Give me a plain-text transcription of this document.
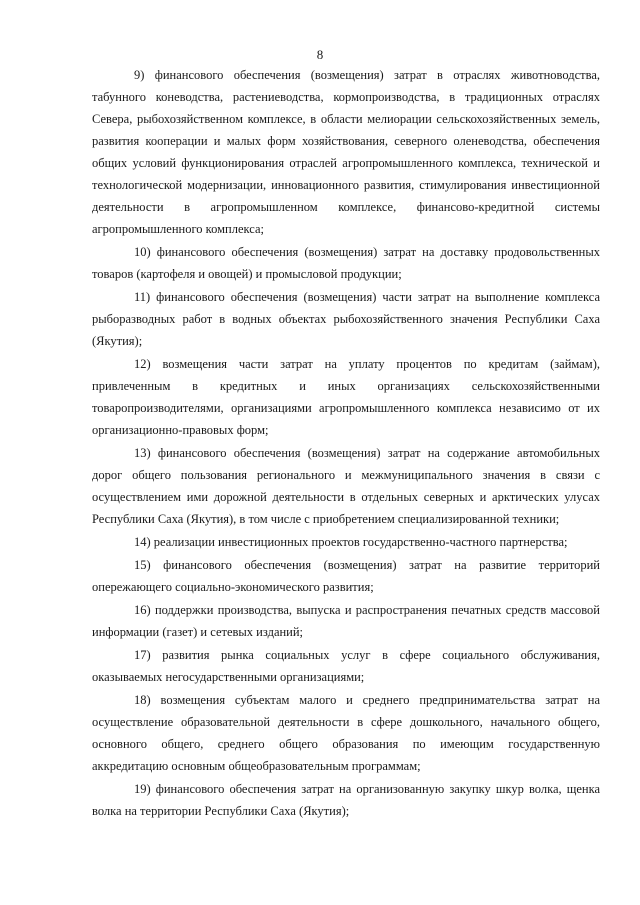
8

9) финансового обеспечения (возмещения) затрат в отраслях животноводства, табунного коневодства, растениеводства, кормопроизводства, в традиционных отраслях Севера, рыбохозяйственном комплексе, в области мелиорации сельскохозяйственных земель, развития кооперации и малых форм хозяйствования, северного оленеводства, обеспечения общих условий функционирования отраслей агропромышленного комплекса, технической и технологической модернизации, инновационного развития, стимулирования инвестиционной деятельности в агропромышленном комплексе, финансово-кредитной системы агропромышленного комплекса;

10) финансового обеспечения (возмещения) затрат на доставку продовольственных товаров (картофеля и овощей) и промысловой продукции;

11) финансового обеспечения (возмещения) части затрат на выполнение комплекса рыборазводных работ в водных объектах рыбохозяйственного значения Республики Саха (Якутия);

12) возмещения части затрат на уплату процентов по кредитам (займам), привлеченным в кредитных и иных организациях сельскохозяйственными товаропроизводителями, организациями агропромышленного комплекса независимо от их организационно-правовых форм;

13) финансового обеспечения (возмещения) затрат на содержание автомобильных дорог общего пользования регионального и межмуниципального значения в связи с осуществлением ими дорожной деятельности в отдельных северных и арктических улусах Республики Саха (Якутия), в том числе с приобретением специализированной техники;

14) реализации инвестиционных проектов государственно-частного партнерства;

15) финансового обеспечения (возмещения) затрат на развитие территорий опережающего социально-экономического развития;

16) поддержки производства, выпуска и распространения печатных средств массовой информации (газет) и сетевых изданий;

17) развития рынка социальных услуг в сфере социального обслуживания, оказываемых негосударственными организациями;

18) возмещения субъектам малого и среднего предпринимательства затрат на осуществление образовательной деятельности в сфере дошкольного, начального общего, основного общего, среднего общего образования по имеющим государственную аккредитацию основным общеобразовательным программам;

19) финансового обеспечения затрат на организованную закупку шкур волка, щенка волка на территории Республики Саха (Якутия);
